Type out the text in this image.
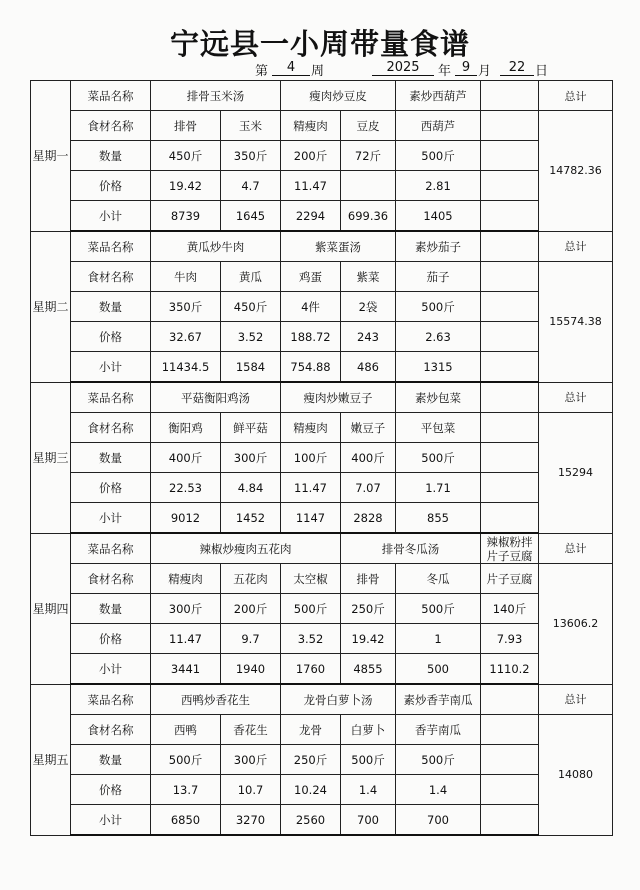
宁远县一小周带量食谱
第	4	周	2025	年 9 月	22 日
星期一	菜品名称	排骨玉米汤		瘦肉炒豆皮		素炒西葫芦		总计
	食材名称	排骨	玉米	精瘦肉	豆皮	西葫芦		14782.36
	数量	450斤	350斤	200斤	72斤	500斤		
	价格	19.42	4.7	11.47		2.81		
	小计	8739	1645	2294	699.36	1405		
星期二	菜品名称	黄瓜炒牛肉		紫菜蛋汤		素炒茄子		总计
	食材名称	牛肉	黄瓜	鸡蛋	紫菜	茄子		15574.38
	数量	350斤	450斤	4件	2袋	500斤		
	价格	32.67	3.52	188.72	243	2.63		
	小计	11434.5	1584	754.88	486	1315		
星期三	菜品名称	平菇衡阳鸡汤		瘦肉炒嫩豆子		素炒包菜		总计
	食材名称	衡阳鸡	鲜平菇	精瘦肉	嫩豆子	平包菜		15294
	数量	400斤	300斤	100斤	400斤	500斤		
	价格	22.53	4.84	11.47	7.07	1.71		
	小计	9012	1452	1147	2828	855		
星期四	菜品名称	辣椒炒瘦肉五花肉			排骨冬瓜汤		辣椒粉拌片子豆腐	总计
	食材名称	精瘦肉	五花肉	太空椒	排骨	冬瓜	片子豆腐	13606.2
	数量	300斤	200斤	500斤	250斤	500斤	140斤	
	价格	11.47	9.7	3.52	19.42	1	7.93	
	小计	3441	1940	1760	4855	500	1110.2	
星期五	菜品名称	西鸭炒香花生		龙骨白萝卜汤		素炒香芋南瓜		总计
	食材名称	西鸭	香花生	龙骨	白萝卜	香芋南瓜		14080
	数量	500斤	300斤	250斤	500斤	500斤		
	价格	13.7	10.7	10.24	1.4	1.4		
	小计	6850	3270	2560	700	700		
